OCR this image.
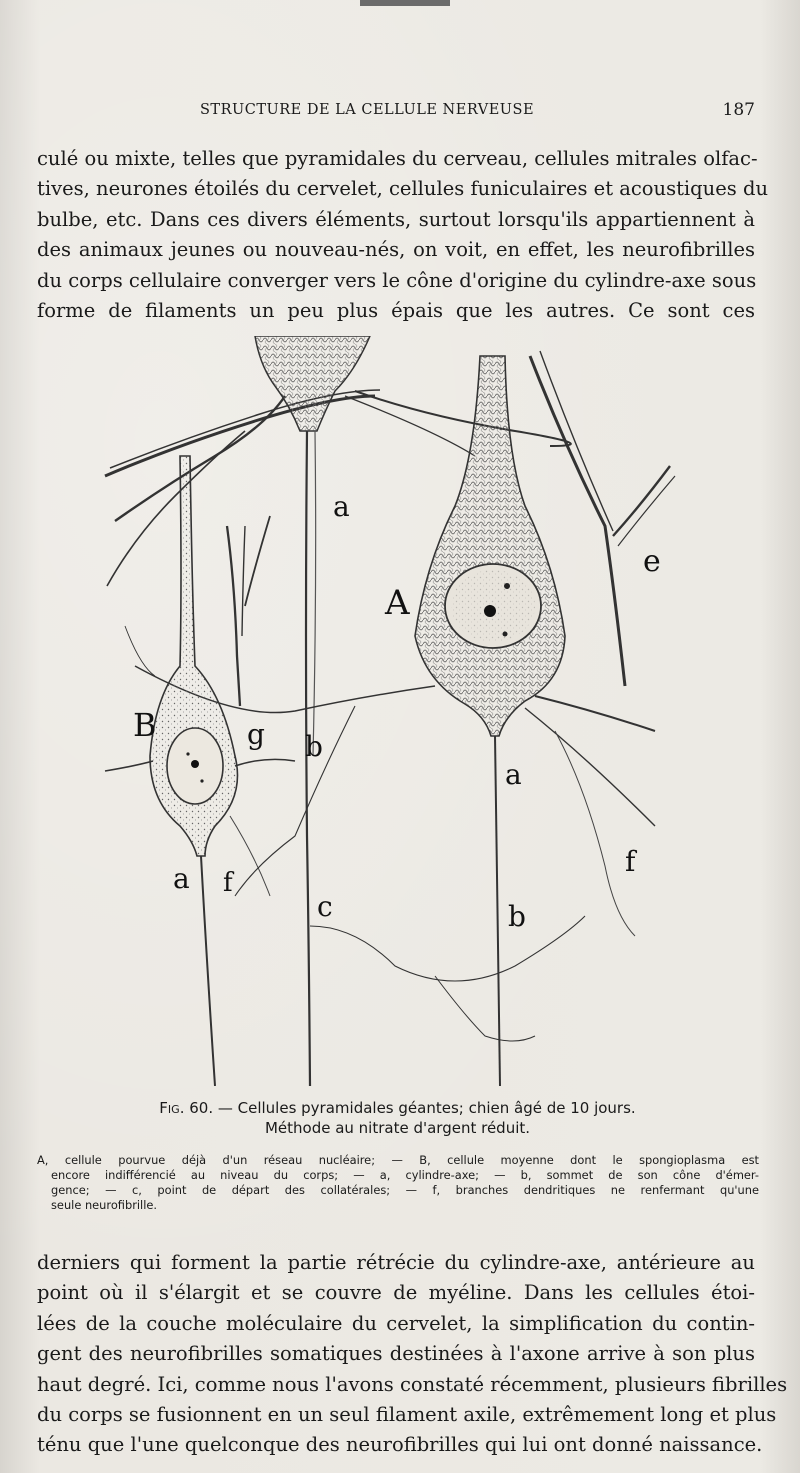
STRUCTURE DE LA CELLULE NERVEUSE	187
culé ou mixte, telles que pyramidales du cerveau, cellules mitrales olfac-
tives, neurones étoilés du cervelet, cellules funiculaires et acoustiques du
bulbe, etc. Dans ces divers éléments, surtout lorsqu'ils appartiennent à
des animaux jeunes ou nouveau-nés, on voit, en effet, les neurofibrilles
du corps cellulaire converger vers le cône d'origine du cylindre-axe sous
forme de filaments un peu plus épais que les autres. Ce sont ces
a
A
e
B	g b
a
f
a f
c	b
Fig. 60. — Cellules pyramidales géantes; chien âgé de 10 jours.
Méthode au nitrate d'argent réduit.
A, cellule pourvue déjà d'un réseau nucléaire; — B, cellule moyenne dont le spongioplasma est
encore indifférencié au niveau du corps; — a, cylindre-axe; — b, sommet de son cône d'émer-
gence; — c, point de départ des collatérales; — f, branches dendritiques ne renfermant qu'une
seule neurofibrille.
derniers qui forment la partie rétrécie du cylindre-axe, antérieure au
point où il s'élargit et se couvre de myéline. Dans les cellules étoi-
lées de la couche moléculaire du cervelet, la simplification du contin-
gent des neurofibrilles somatiques destinées à l'axone arrive à son plus
haut degré. Ici, comme nous l'avons constaté récemment, plusieurs fibrilles
du corps se fusionnent en un seul filament axile, extrêmement long et plus
ténu que l'une quelconque des neurofibrilles qui lui ont donné naissance.
